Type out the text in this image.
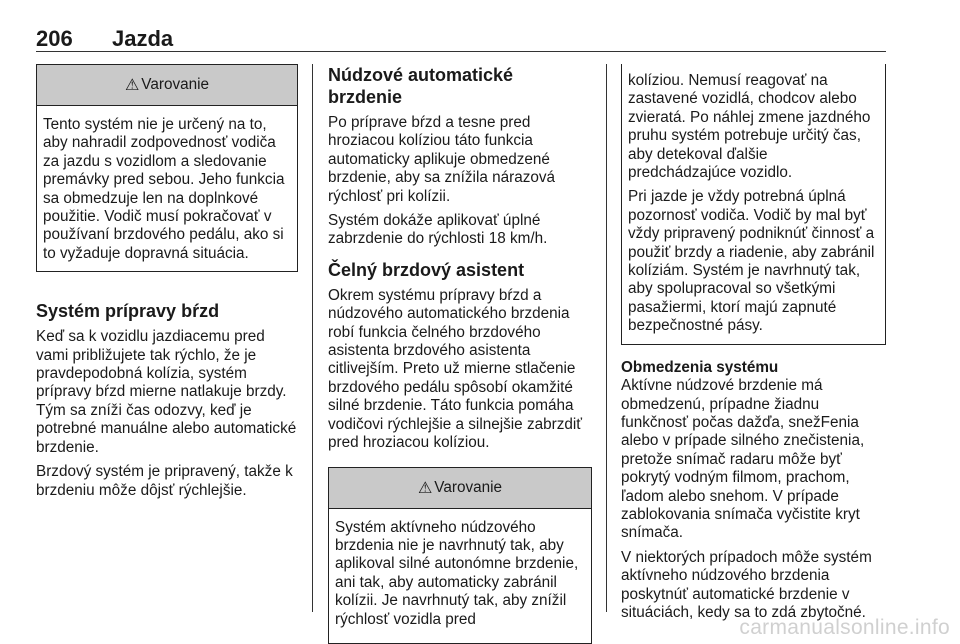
206 Jazda
⚠ Varovanie

Tento systém nie je určený na to, aby nahradil zodpovednosť vodiča za jazdu s vozidlom a sledovanie premávky pred sebou. Jeho funkcia sa obmedzuje len na doplnkové použitie. Vodič musí pokračovať v používaní brzdového pedálu, ako si to vyžaduje dopravná situácia.

Systém prípravy bŕzd

Keď sa k vozidlu jazdiacemu pred vami približujete tak rýchlo, že je pravdepodobná kolízia, systém prípravy bŕzd mierne natlakuje brzdy. Tým sa zníži čas odozvy, keď je potrebné manuálne alebo automatické brzdenie.

Brzdový systém je pripravený, takže k brzdeniu môže dôjsť rýchlejšie.

Núdzové automatické brzdenie

Po príprave bŕzd a tesne pred hroziacou kolíziou táto funkcia automaticky aplikuje obmedzené brzdenie, aby sa znížila nárazová rýchlosť pri kolízii.

Systém dokáže aplikovať úplné zabrzdenie do rýchlosti 18 km/h.

Čelný brzdový asistent

Okrem systému prípravy bŕzd a núdzového automatického brzdenia robí funkcia čelného brzdového asistenta brzdového asistenta citlivejším. Preto už mierne stlačenie brzdového pedálu spôsobí okamžité silné brzdenie. Táto funkcia pomáha vodičovi rýchlejšie a silnejšie zabrzdiť pred hroziacou kolíziou.

⚠ Varovanie

Systém aktívneho núdzového brzdenia nie je navrhnutý tak, aby aplikoval silné autonómne brzdenie, ani tak, aby automaticky zabránil kolízii. Je navrhnutý tak, aby znížil rýchlosť vozidla pred

kolíziou. Nemusí reagovať na zastavené vozidlá, chodcov alebo zvieratá. Po náhlej zmene jazdného pruhu systém potrebuje určitý čas, aby detekoval ďalšie predchádzajúce vozidlo.

Pri jazde je vždy potrebná úplná pozornosť vodiča. Vodič by mal byť vždy pripravený podniknúť činnosť a použiť brzdy a riadenie, aby zabránil kolíziám. Systém je navrhnutý tak, aby spolupracoval so všetkými pasažiermi, ktorí majú zapnuté bezpečnostné pásy.

Obmedzenia systému

Aktívne núdzové brzdenie má obmedzenú, prípadne žiadnu funkčnosť počas dažďa, snežFenia alebo v prípade silného znečistenia, pretože snímač radaru môže byť pokrytý vodným filmom, prachom, ľadom alebo snehom. V prípade zablokovania snímača vyčistite kryt snímača.

V niektorých prípadoch môže systém aktívneho núdzového brzdenia poskytnúť automatické brzdenie v situáciách, kedy sa to zdá zbytočné.

carmanualsonline.info
